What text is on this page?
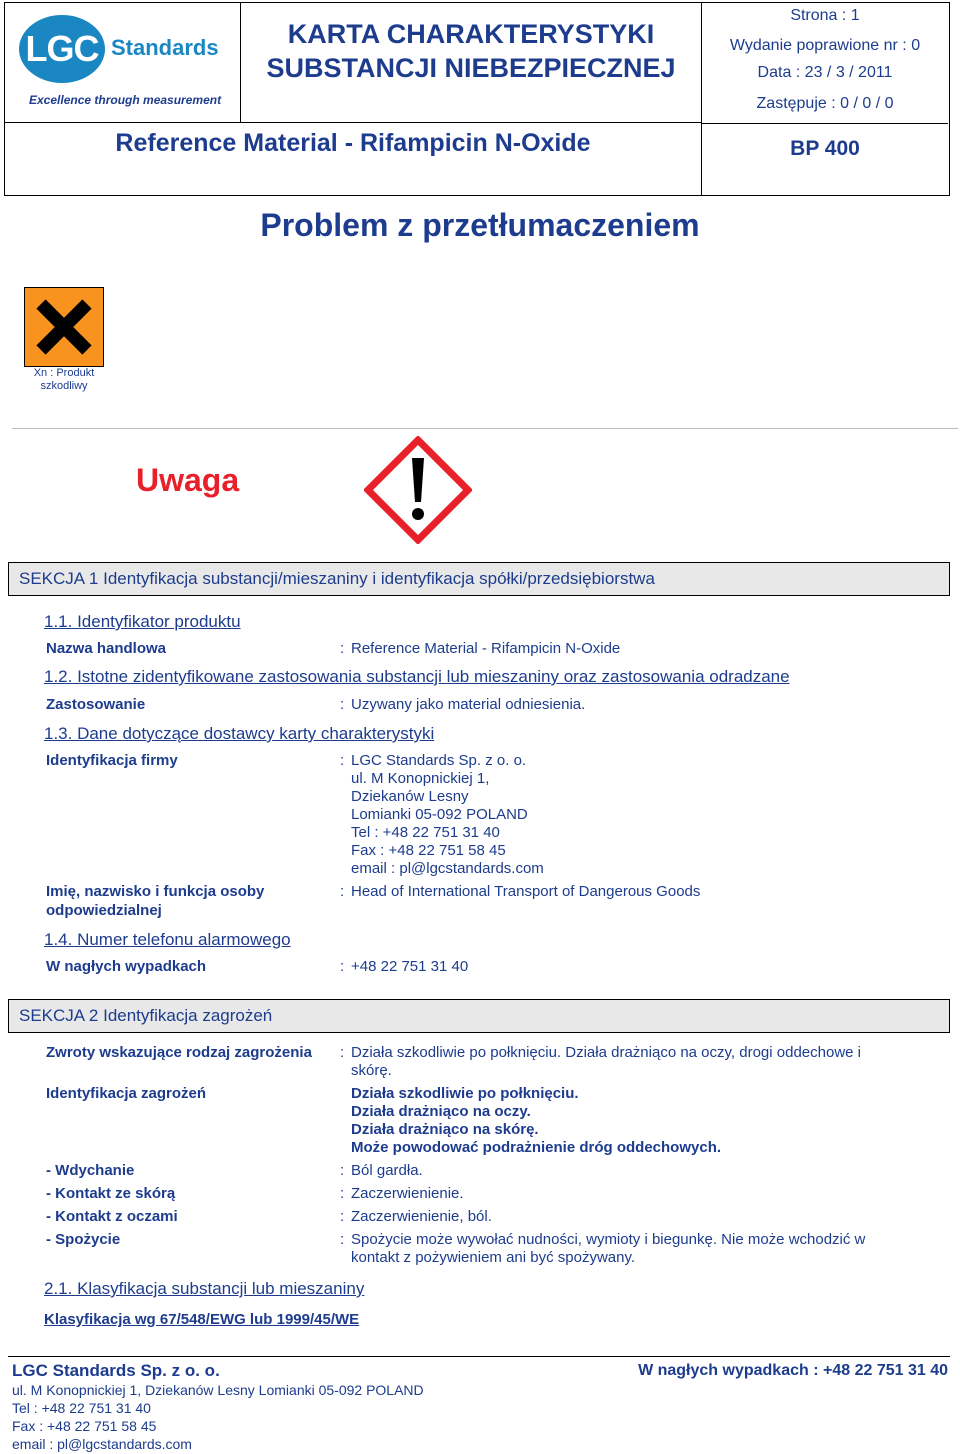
LGC Standards
Excellence through measurement
KARTA CHARAKTERYSTYKI
SUBSTANCJI NIEBEZPIECZNEJ
Strona : 1
Wydanie poprawione nr : 0
Data : 23 / 3 / 2011
Zastępuje : 0 / 0 / 0
BP 400
Reference Material - Rifampicin N-Oxide
Problem z przetłumaczeniem
Xn : Produkt
szkodliwy
Uwaga
SEKCJA 1 Identyfikacja substancji/mieszaniny i identyfikacja spółki/przedsiębiorstwa
1.1. Identyfikator produktu
Nazwa handlowa	: Reference Material - Rifampicin N-Oxide
1.2. Istotne zidentyfikowane zastosowania substancji lub mieszaniny oraz zastosowania odradzane
Zastosowanie	: Uzywany jako material odniesienia.
1.3. Dane dotyczące dostawcy karty charakterystyki
Identyfikacja firmy	: LGC Standards Sp. z o. o.
ul. M Konopnickiej 1,
Dziekanów Lesny
Lomianki 05-092 POLAND
Tel : +48 22 751 31 40
Fax : +48 22 751 58 45
email : pl@lgcstandards.com
Imię, nazwisko i funkcja osoby
odpowiedzialnej
: Head of International Transport of Dangerous Goods
1.4. Numer telefonu alarmowego
W nagłych wypadkach	: +48 22 751 31 40
SEKCJA 2 Identyfikacja zagrożeń
Zwroty wskazujące rodzaj zagrożenia : Działa szkodliwie po połknięciu. Działa drażniąco na oczy, drogi oddechowe i
skórę.
Identyfikacja zagrożeń	Działa szkodliwie po połknięciu.
Działa drażniąco na oczy.
Działa drażniąco na skórę.
Może powodować podrażnienie dróg oddechowych.
- Wdychanie	: Ból gardła.
- Kontakt ze skórą	: Zaczerwienienie.
- Kontakt z oczami	: Zaczerwienienie, ból.
- Spożycie	: Spożycie może wywołać nudności, wymioty i biegunkę. Nie może wchodzić w
kontakt z pożywieniem ani być spożywany.
2.1. Klasyfikacja substancji lub mieszaniny
Klasyfikacja wg 67/548/EWG lub 1999/45/WE
LGC Standards Sp. z o. o.	W nagłych wypadkach : +48 22 751 31 40
ul. M Konopnickiej 1, Dziekanów Lesny Lomianki 05-092 POLAND
Tel : +48 22 751 31 40
Fax : +48 22 751 58 45
email : pl@lgcstandards.com
